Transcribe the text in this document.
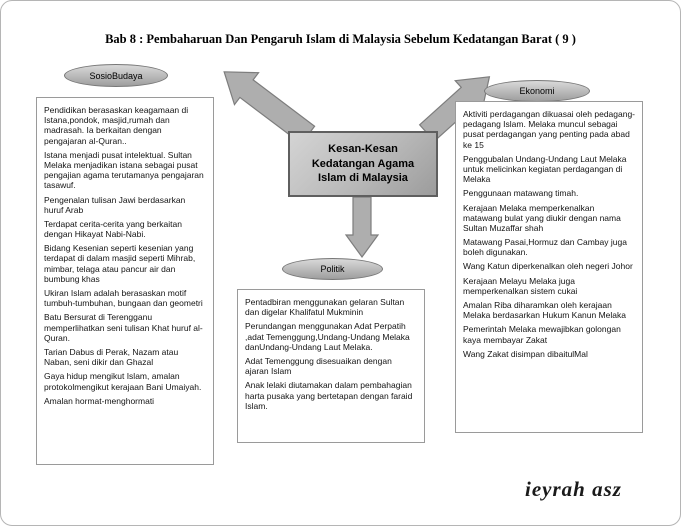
Bab 8 : Pembaharuan Dan Pengaruh Islam di Malaysia Sebelum Kedatangan Barat ( 9 )
SosioBudaya
Ekonomi
Politik
Kesan-Kesan
Kedatangan Agama
Islam di Malaysia

Pendidikan berasaskan keagamaan di Istana,pondok, masjid,rumah dan madrasah. Ia berkaitan dengan pengajaran al-Quran..

Istana menjadi pusat intelektual. Sultan Melaka menjadikan istana sebagai pusat pengajian agama terutamanya pengajaran tasawuf.

Pengenalan tulisan Jawi berdasarkan huruf Arab

Terdapat cerita-cerita yang berkaitan dengan Hikayat Nabi-Nabi.

Bidang Kesenian seperti kesenian yang terdapat di dalam masjid seperti Mihrab, mimbar, telaga atau pancur air dan bumbung khas

Ukiran Islam adalah berasaskan motif tumbuh-tumbuhan, bungaan dan geometri

Batu Bersurat di Terengganu memperlihatkan seni tulisan Khat huruf al-Quran.

Tarian Dabus di Perak, Nazam atau Naban, seni dikir dan Ghazal

Gaya hidup mengikut Islam, amalan protokolmengikut kerajaan Bani Umaiyah.

Amalan hormat-menghormati

Aktiviti perdagangan dikuasai oleh pedagang-pedagang Islam. Melaka muncul sebagai pusat perdagangan yang penting pada abad ke 15

Penggubalan Undang-Undang Laut Melaka untuk melicinkan kegiatan perdagangan di Melaka

Penggunaan matawang timah.

Kerajaan Melaka memperkenalkan matawang bulat yang diukir dengan nama Sultan Muzaffar shah

Matawang Pasai,Hormuz dan Cambay juga boleh digunakan.

Wang Katun diperkenalkan oleh negeri Johor

Kerajaan Melayu Melaka juga memperkenalkan sistem cukai

Amalan Riba diharamkan oleh kerajaan Melaka berdasarkan Hukum Kanun Melaka

Pemerintah Melaka mewajibkan golongan kaya membayar Zakat

Wang Zakat disimpan dibaitulMal

Pentadbiran menggunakan gelaran Sultan dan digelar Khalifatul Mukminin

Perundangan menggunakan Adat Perpatih ,adat Temenggung,Undang-Undang Melaka danUndang-Undang Laut Melaka.

Adat Temenggung disesuaikan dengan ajaran Islam

Anak lelaki diutamakan dalam pembahagian harta pusaka yang bertetapan dengan faraid Islam.

ieyrah asz
